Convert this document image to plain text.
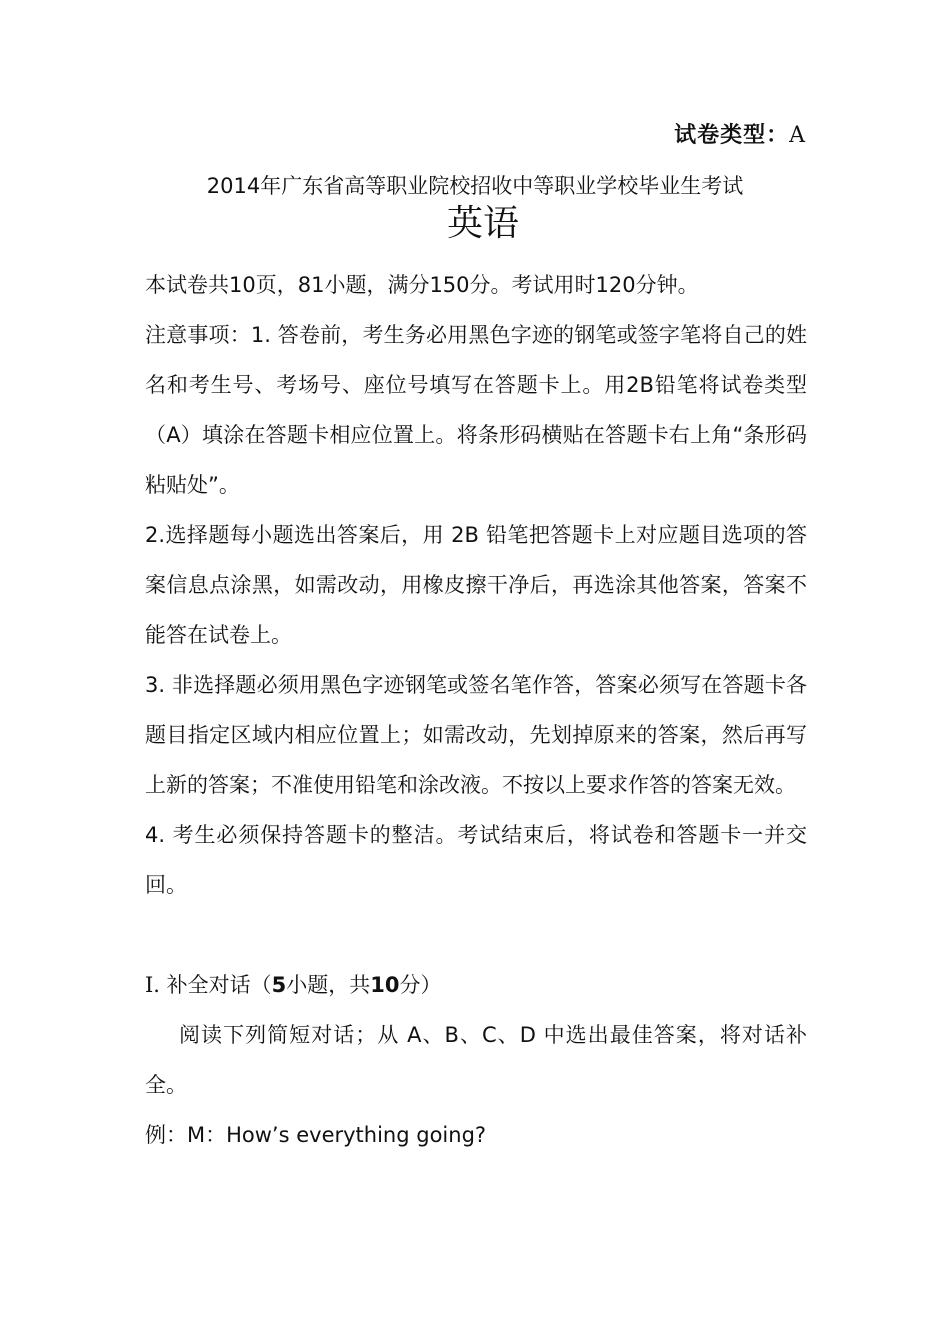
试卷类型：A
2014年广东省高等职业院校招收中等职业学校毕业生考试
英语

本试卷共10页，81小题，满分150分。考试用时120分钟。

注意事项：1. 答卷前，考生务必用黑色字迹的钢笔或签字笔将自己的姓名和考生号、考场号、座位号填写在答题卡上。用2B铅笔将试卷类型（A）填涂在答题卡相应位置上。将条形码横贴在答题卡右上角“条形码粘贴处”。

2.选择题每小题选出答案后，用 2B 铅笔把答题卡上对应题目选项的答案信息点涂黑，如需改动，用橡皮擦干净后，再选涂其他答案，答案不能答在试卷上。

3. 非选择题必须用黑色字迹钢笔或签名笔作答，答案必须写在答题卡各题目指定区域内相应位置上；如需改动，先划掉原来的答案，然后再写上新的答案；不准使用铅笔和涂改液。不按以上要求作答的答案无效。

4. 考生必须保持答题卡的整洁。考试结束后，将试卷和答题卡一并交回。

Ⅰ. 补全对话（5小题，共10分）

阅读下列简短对话；从 A、B、C、D 中选出最佳答案，将对话补全。

例：M：How’s everything going?
